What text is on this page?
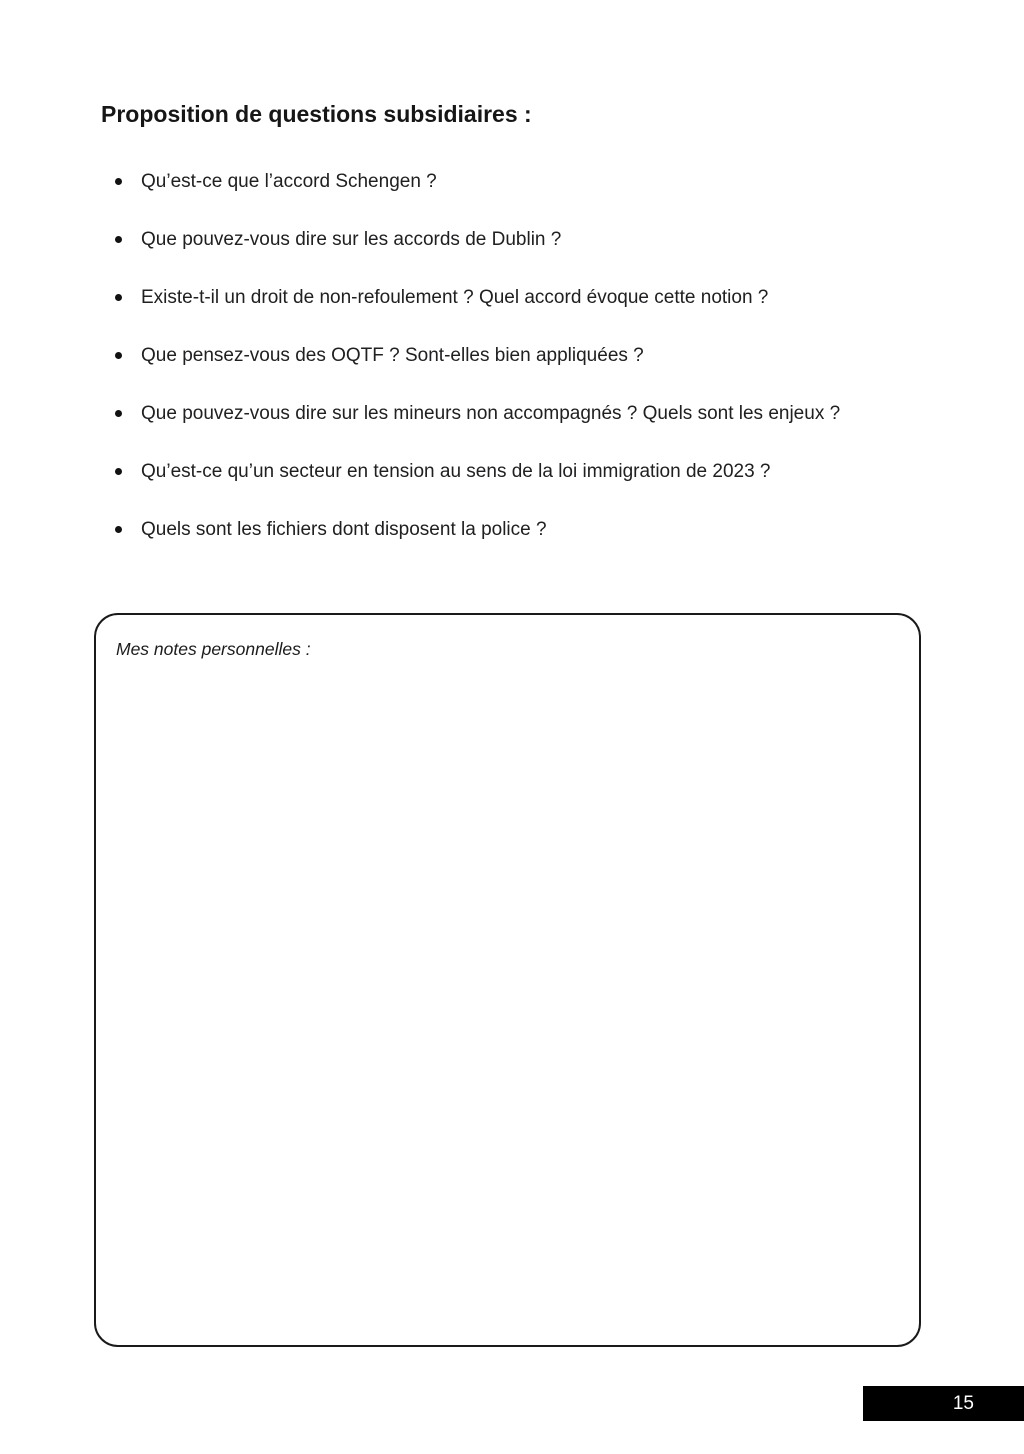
Proposition de questions subsidiaires :
Qu’est-ce que l’accord Schengen ?
Que pouvez-vous dire sur les accords de Dublin ?
Existe-t-il un droit de non-refoulement ? Quel accord évoque cette notion ?
Que pensez-vous des OQTF ? Sont-elles bien appliquées ?
Que pouvez-vous dire sur les mineurs non accompagnés ? Quels sont les enjeux ?
Qu’est-ce qu’un secteur en tension au sens de la loi immigration de 2023 ?
Quels sont les fichiers dont disposent la police ?

Mes notes personnelles :

15
